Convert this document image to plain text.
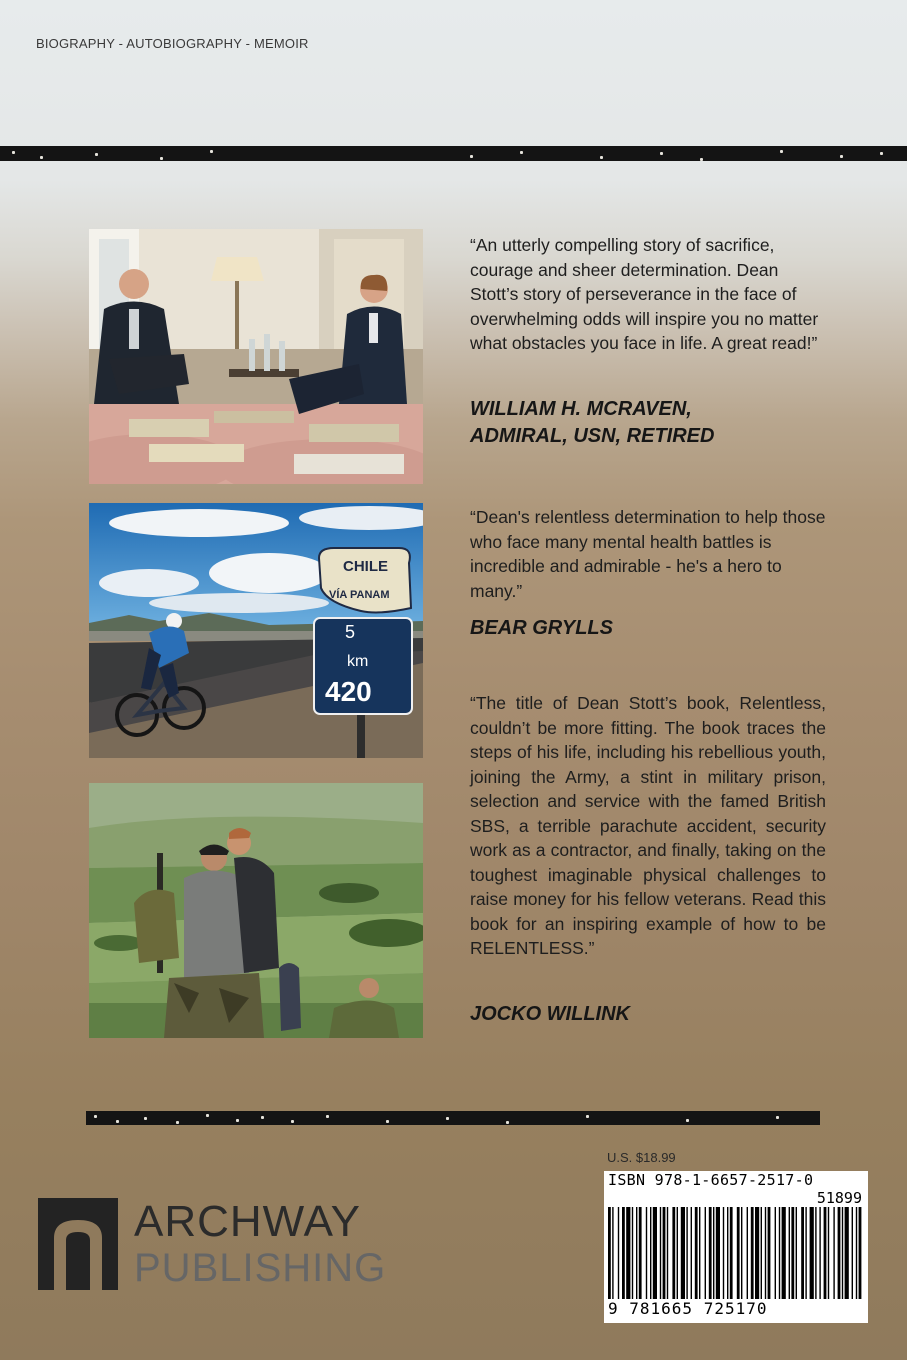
BIOGRAPHY - AUTOBIOGRAPHY - MEMOIR
CHILE
VÍA PANAM
5
km
420
“An utterly compelling story of sacrifice, courage and sheer determination. Dean Stott’s story of perseverance in the face of overwhelming odds will inspire you no matter what obstacles you face in life. A great read!”
WILLIAM H. MCRAVEN, ADMIRAL, USN, RETIRED
“Dean's relentless determination to help those who face many mental health battles is incredible and admirable - he's a hero to many.”
BEAR GRYLLS
“The title of Dean Stott’s book, Relentless, couldn’t be more fitting. The book traces the steps of his life, including his rebellious youth, joining the Army, a stint in military prison, selection and service with the famed British SBS, a terrible parachute accident, security work as a contractor, and finally, taking on the toughest imaginable physical challenges to raise money for his fellow veterans. Read this book for an inspiring example of how to be RELENTLESS.”
JOCKO WILLINK
ARCHWAY
PUBLISHING
U.S. $18.99
ISBN 978-1-6657-2517-0
51899
9 781665 725170
